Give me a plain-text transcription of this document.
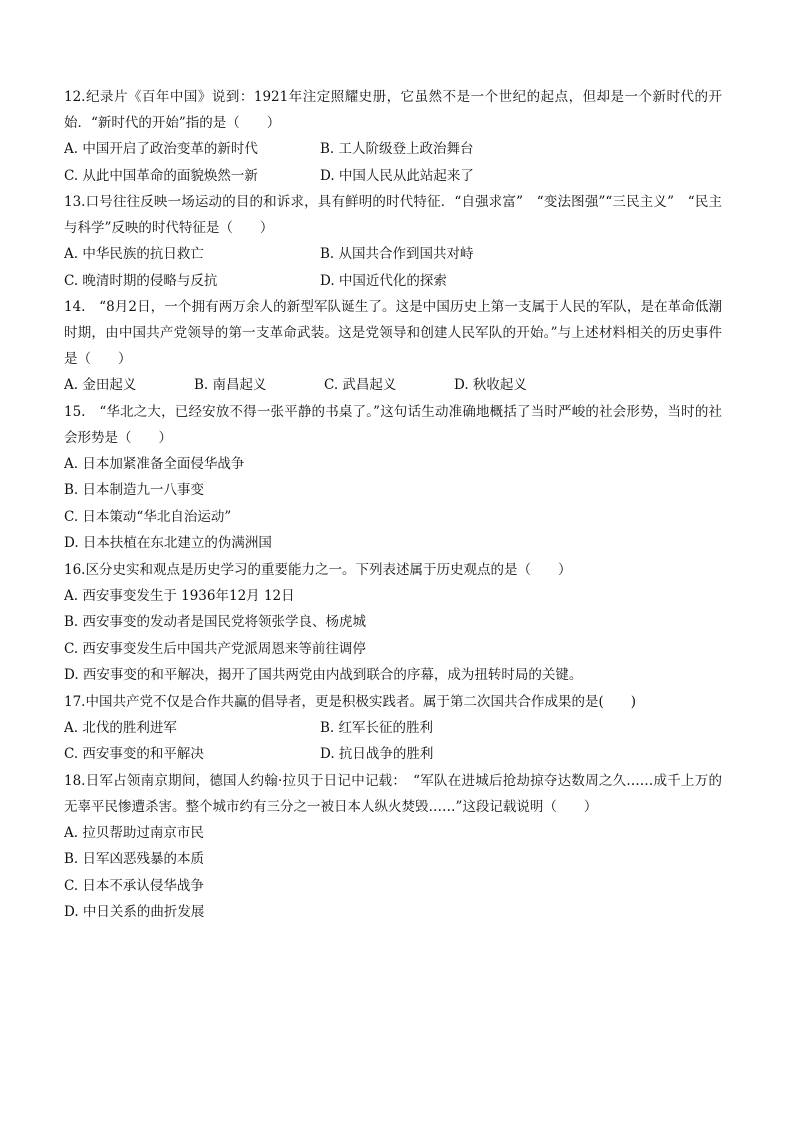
12.纪录片《百年中国》说到：1921年注定照耀史册，它虽然不是一个世纪的起点，但却是一个新时代的开始．“新时代的开始”指的是（　　）

A. 中国开启了政治变革的新时代	B. 工人阶级登上政治舞台
C. 从此中国革命的面貌焕然一新	D. 中国人民从此站起来了

13.口号往往反映一场运动的目的和诉求，具有鲜明的时代特征．“自强求富”　“变法图强”“三民主义”　“民主与科学”反映的时代特征是（　　）

A. 中华民族的抗日救亡	B. 从国共合作到国共对峙
C. 晚清时期的侵略与反抗	D. 中国近代化的探索

14.　“8月2日，一个拥有两万余人的新型军队诞生了。这是中国历史上第一支属于人民的军队，是在革命低潮时期，由中国共产党领导的第一支革命武装。这是党领导和创建人民军队的开始。”与上述材料相关的历史事件是（　　）

A. 金田起义	B. 南昌起义	C. 武昌起义	D. 秋收起义

15.　“华北之大，已经安放不得一张平静的书桌了。”这句话生动准确地概括了当时严峻的社会形势，当时的社会形势是（　　）

A. 日本加紧准备全面侵华战争
B. 日本制造九一八事变
C. 日本策动“华北自治运动”
D. 日本扶植在东北建立的伪满洲国

16.区分史实和观点是历史学习的重要能力之一。下列表述属于历史观点的是（　　）

A. 西安事变发生于 1936年12月 12日
B. 西安事变的发动者是国民党将领张学良、杨虎城
C. 西安事变发生后中国共产党派周恩来等前往调停
D. 西安事变的和平解决，揭开了国共两党由内战到联合的序幕，成为扭转时局的关键。

17.中国共产党不仅是合作共赢的倡导者，更是积极实践者。属于第二次国共合作成果的是(　　)

A. 北伐的胜利进军	B. 红军长征的胜利
C. 西安事变的和平解决	D. 抗日战争的胜利

18.日军占领南京期间，德国人约翰·拉贝于日记中记载：　“军队在进城后抢劫掠夺达数周之久……成千上万的无辜平民惨遭杀害。整个城市约有三分之一被日本人纵火焚毁……”这段记载说明（　　）

A. 拉贝帮助过南京市民
B. 日军凶恶残暴的本质
C. 日本不承认侵华战争
D. 中日关系的曲折发展
